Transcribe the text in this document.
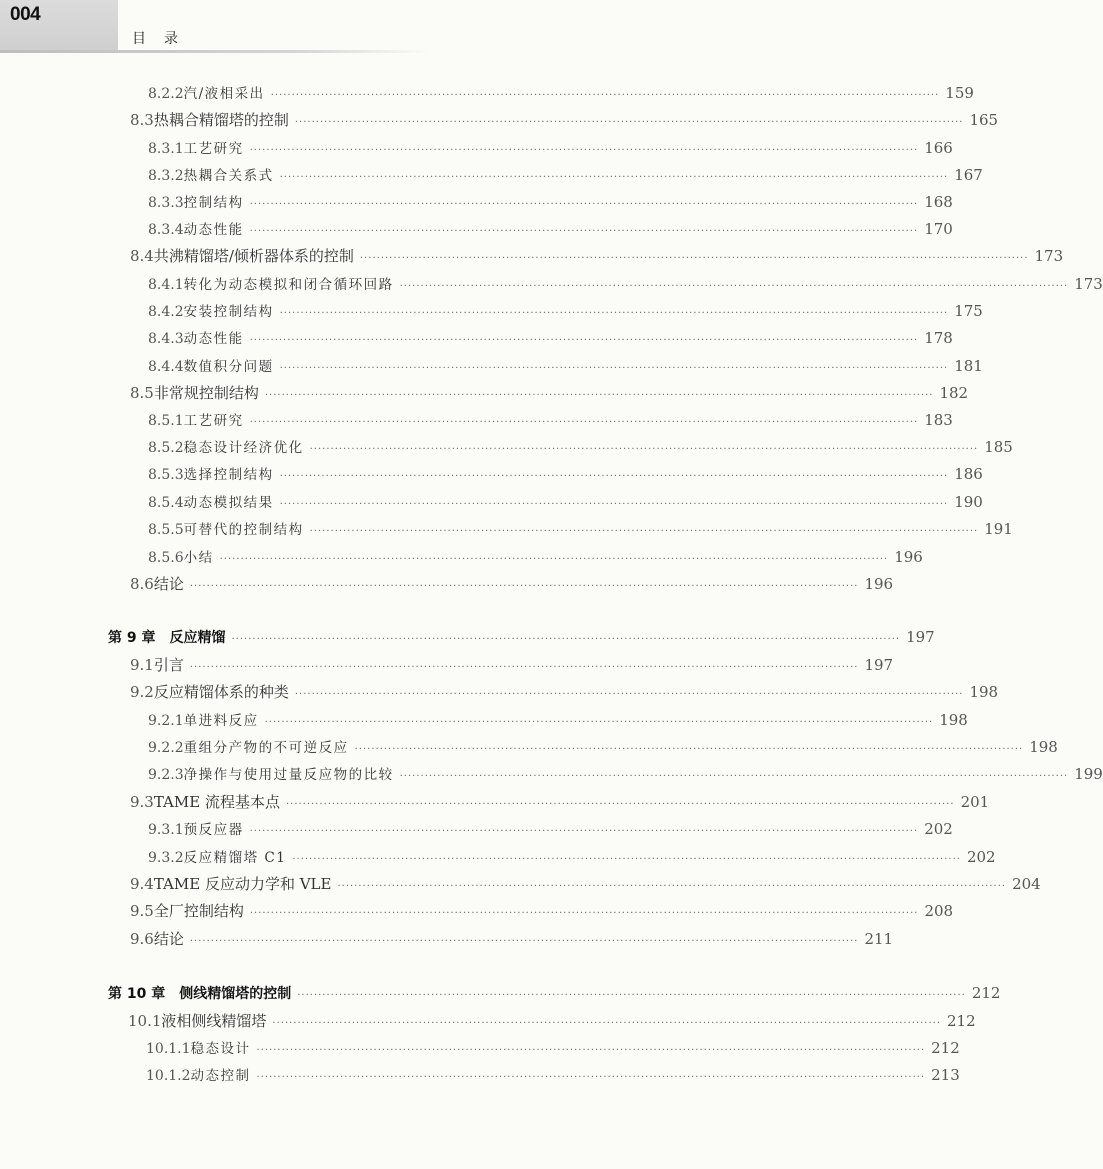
004
目录
8.2.2 汽/液相采出 ································································································································································ 159
8.3 热耦合精馏塔的控制 ································································································································································ 165
8.3.1 工艺研究 ································································································································································ 166
8.3.2 热耦合关系式 ································································································································································ 167
8.3.3 控制结构 ································································································································································ 168
8.3.4 动态性能 ································································································································································ 170
8.4 共沸精馏塔/倾析器体系的控制 ································································································································································ 173
8.4.1 转化为动态模拟和闭合循环回路 ································································································································································ 173
8.4.2 安装控制结构 ································································································································································ 175
8.4.3 动态性能 ································································································································································ 178
8.4.4 数值积分问题 ································································································································································ 181
8.5 非常规控制结构 ································································································································································ 182
8.5.1 工艺研究 ································································································································································ 183
8.5.2 稳态设计经济优化 ································································································································································ 185
8.5.3 选择控制结构 ································································································································································ 186
8.5.4 动态模拟结果 ································································································································································ 190
8.5.5 可替代的控制结构 ································································································································································ 191
8.5.6 小结 ································································································································································ 196
8.6 结论 ································································································································································ 196
第 9 章 反应精馏 ································································································································································ 197
9.1 引言 ································································································································································ 197
9.2 反应精馏体系的种类 ································································································································································ 198
9.2.1 单进料反应 ································································································································································ 198
9.2.2 重组分产物的不可逆反应 ································································································································································ 198
9.2.3 净操作与使用过量反应物的比较 ································································································································································ 199
9.3 TAME 流程基本点 ································································································································································ 201
9.3.1 预反应器 ································································································································································ 202
9.3.2 反应精馏塔 C1 ································································································································································ 202
9.4 TAME 反应动力学和 VLE ································································································································································ 204
9.5 全厂控制结构 ································································································································································ 208
9.6 结论 ································································································································································ 211
第 10 章 侧线精馏塔的控制 ································································································································································ 212
10.1 液相侧线精馏塔 ································································································································································ 212
10.1.1 稳态设计 ································································································································································ 212
10.1.2 动态控制 ································································································································································ 213
